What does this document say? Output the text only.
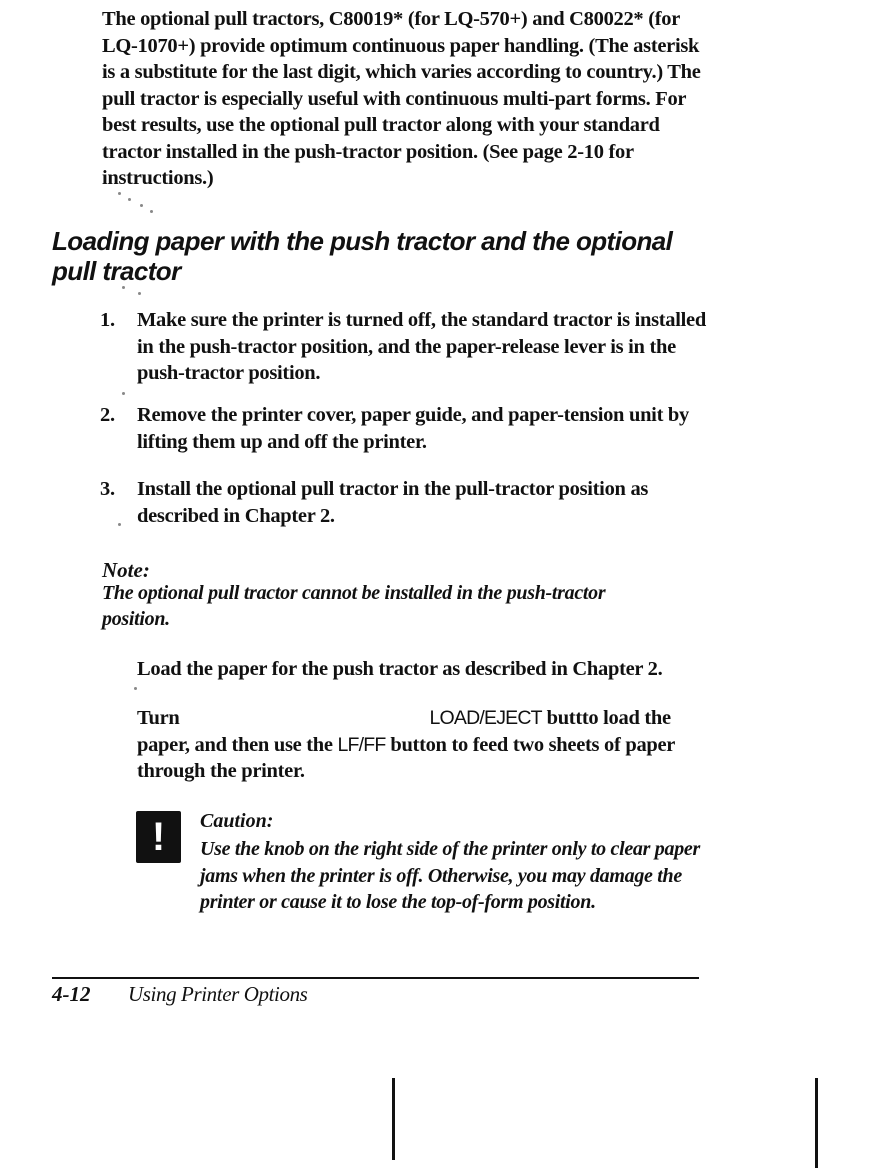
The optional pull tractors, C80019* (for LQ-570+) and C80022* (for LQ-1070+) provide optimum continuous paper handling. (The asterisk is a substitute for the last digit, which varies according to country.) The pull tractor is especially useful with continuous multi-part forms. For best results, use the optional pull tractor along with your standard tractor installed in the push-tractor position. (See page 2-10 for instructions.)

Loading paper with the push tractor and the optional pull tractor
1. Make sure the printer is turned off, the standard tractor is installed in the push-tractor position, and the paper-release lever is in the push-tractor position.
2. Remove the printer cover, paper guide, and paper-tension unit by lifting them up and off the printer.
3. Install the optional pull tractor in the pull-tractor position as described in Chapter 2.
Note:
The optional pull tractor cannot be installed in the push-tractor position.
Load the paper for the push tractor as described in Chapter 2.
Turn	LOAD/EJECT buttto load the paper, and then use the LF/FF button to feed two sheets of paper through the printer.
!	Caution:
Use the knob on the right side of the printer only to clear paper jams when the printer is off. Otherwise, you may damage the printer or cause it to lose the top-of-form position.
4-12 Using Printer Options
